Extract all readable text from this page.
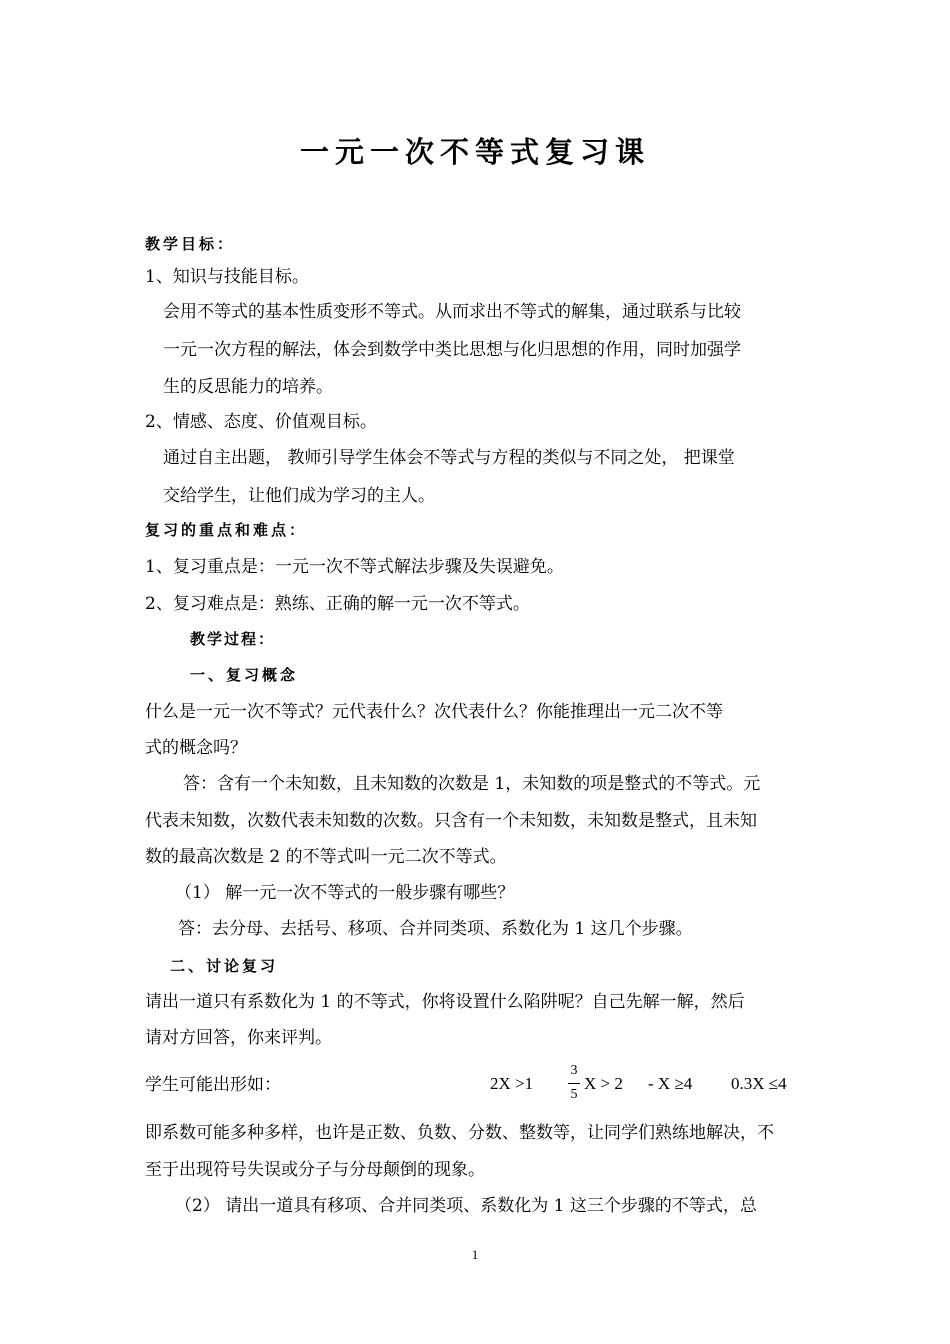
一元一次不等式复习课
教学目标：
1、知识与技能目标。
会用不等式的基本性质变形不等式。从而求出不等式的解集，通过联系与比较
一元一次方程的解法，体会到数学中类比思想与化归思想的作用，同时加强学
生的反思能力的培养。
2、情感、态度、价值观目标。
通过自主出题， 教师引导学生体会不等式与方程的类似与不同之处， 把课堂
交给学生，让他们成为学习的主人。
复习的重点和难点：
1、复习重点是：一元一次不等式解法步骤及失误避免。
2、复习难点是：熟练、正确的解一元一次不等式。
教学过程：
一、复习概念
什么是一元一次不等式？元代表什么？次代表什么？你能推理出一元二次不等
式的概念吗？
答：含有一个未知数，且未知数的次数是 1，未知数的项是整式的不等式。元
代表未知数，次数代表未知数的次数。只含有一个未知数，未知数是整式，且未知
数的最高次数是 2 的不等式叫一元二次不等式。
（1） 解一元一次不等式的一般步骤有哪些？
答：去分母、去括号、移项、合并同类项、系数化为 1 这几个步骤。
二、讨论复习
请出一道只有系数化为 1 的不等式，你将设置什么陷阱呢？自己先解一解，然后
请对方回答，你来评判。
学生可能出形如：	2X >1
3
5
X > 2 - X ≥4 0.3X ≤4
即系数可能多种多样，也许是正数、负数、分数、整数等，让同学们熟练地解决，不
至于出现符号失误或分子与分母颠倒的现象。
（2） 请出一道具有移项、合并同类项、系数化为 1 这三个步骤的不等式，总
1
